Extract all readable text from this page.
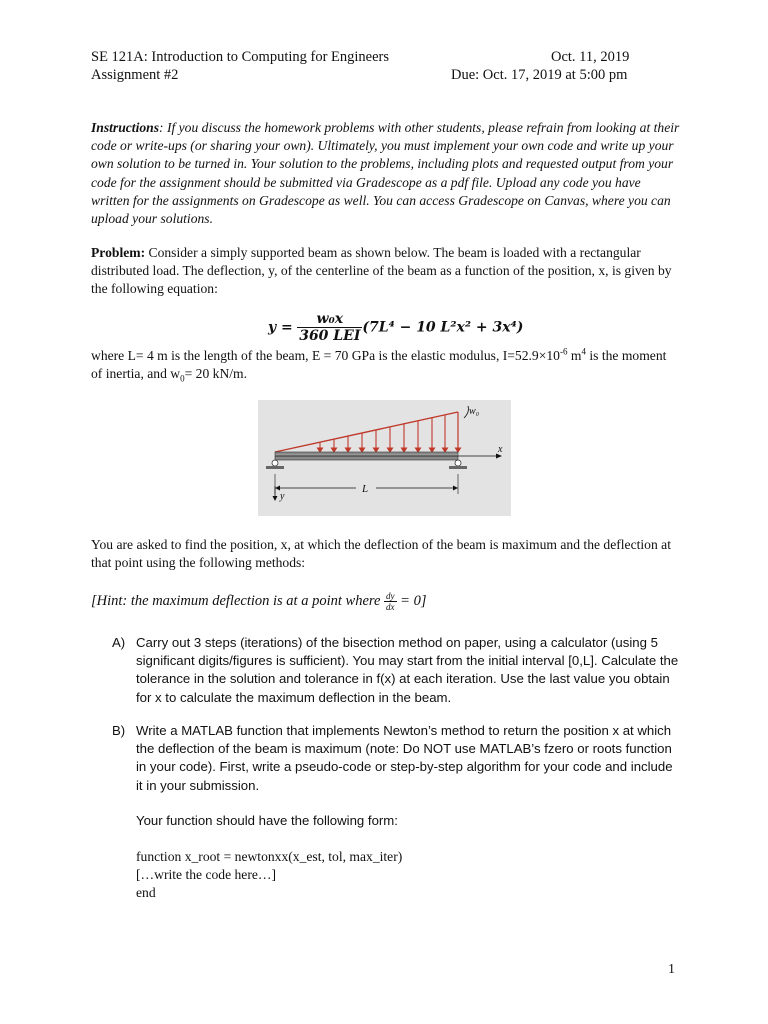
SE 121A: Introduction to Computing for Engineers	Oct. 11, 2019
Assignment #2	Due: Oct. 17, 2019 at 5:00 pm
Instructions: If you discuss the homework problems with other students, please refrain from looking at their code or write-ups (or sharing your own). Ultimately, you must implement your own code and write up your own solution to be turned in. Your solution to the problems, including plots and requested output from your code for the assignment should be submitted via Gradescope as a pdf file. Upload any code you have written for the assignments on Gradescope as well. You can access Gradescope on Canvas, where you can upload your solutions.
Problem: Consider a simply supported beam as shown below. The beam is loaded with a rectangular distributed load. The deflection, y, of the centerline of the beam as a function of the position, x, is given by the following equation:
$y = \frac{\text{w₀x}}{\text{360 LEI}} (7L^4 - 10$ L²x² + 3x⁴)
where L= 4 m is the length of the beam, E = 70 GPa is the elastic modulus, $I=52.9\times 10^{-6}$ $m^4$ is the moment of inertia, and $w_0= 20$ kN/m.
w₀
x
L
y
You are asked to find the position, x, at which the deflection of the beam is maximum and the deflection at that point using the following methods:
[Hint: the maximum deflection is at a point where $\frac{dy}{dx} = 0$]
A) Carry out 3 steps (iterations) of the bisection method on paper, using a calculator (using 5 significant digits/figures is sufficient). You may start from the initial interval [0,L]. Calculate the tolerance in the solution and tolerance in f(x) at each iteration. Use the last value you obtain for x to calculate the maximum deflection in the beam.
B) Write a MATLAB function that implements Newton’s method to return the position x at which the deflection of the beam is maximum (note: Do NOT use MATLAB’s fzero or roots function in your code). First, write a pseudo-code or step-by-step algorithm for your code and include it in your submission.
Your function should have the following form:
function x_root = newtonxx(x_est, tol, max_iter)
[…write the code here…]
end
1
